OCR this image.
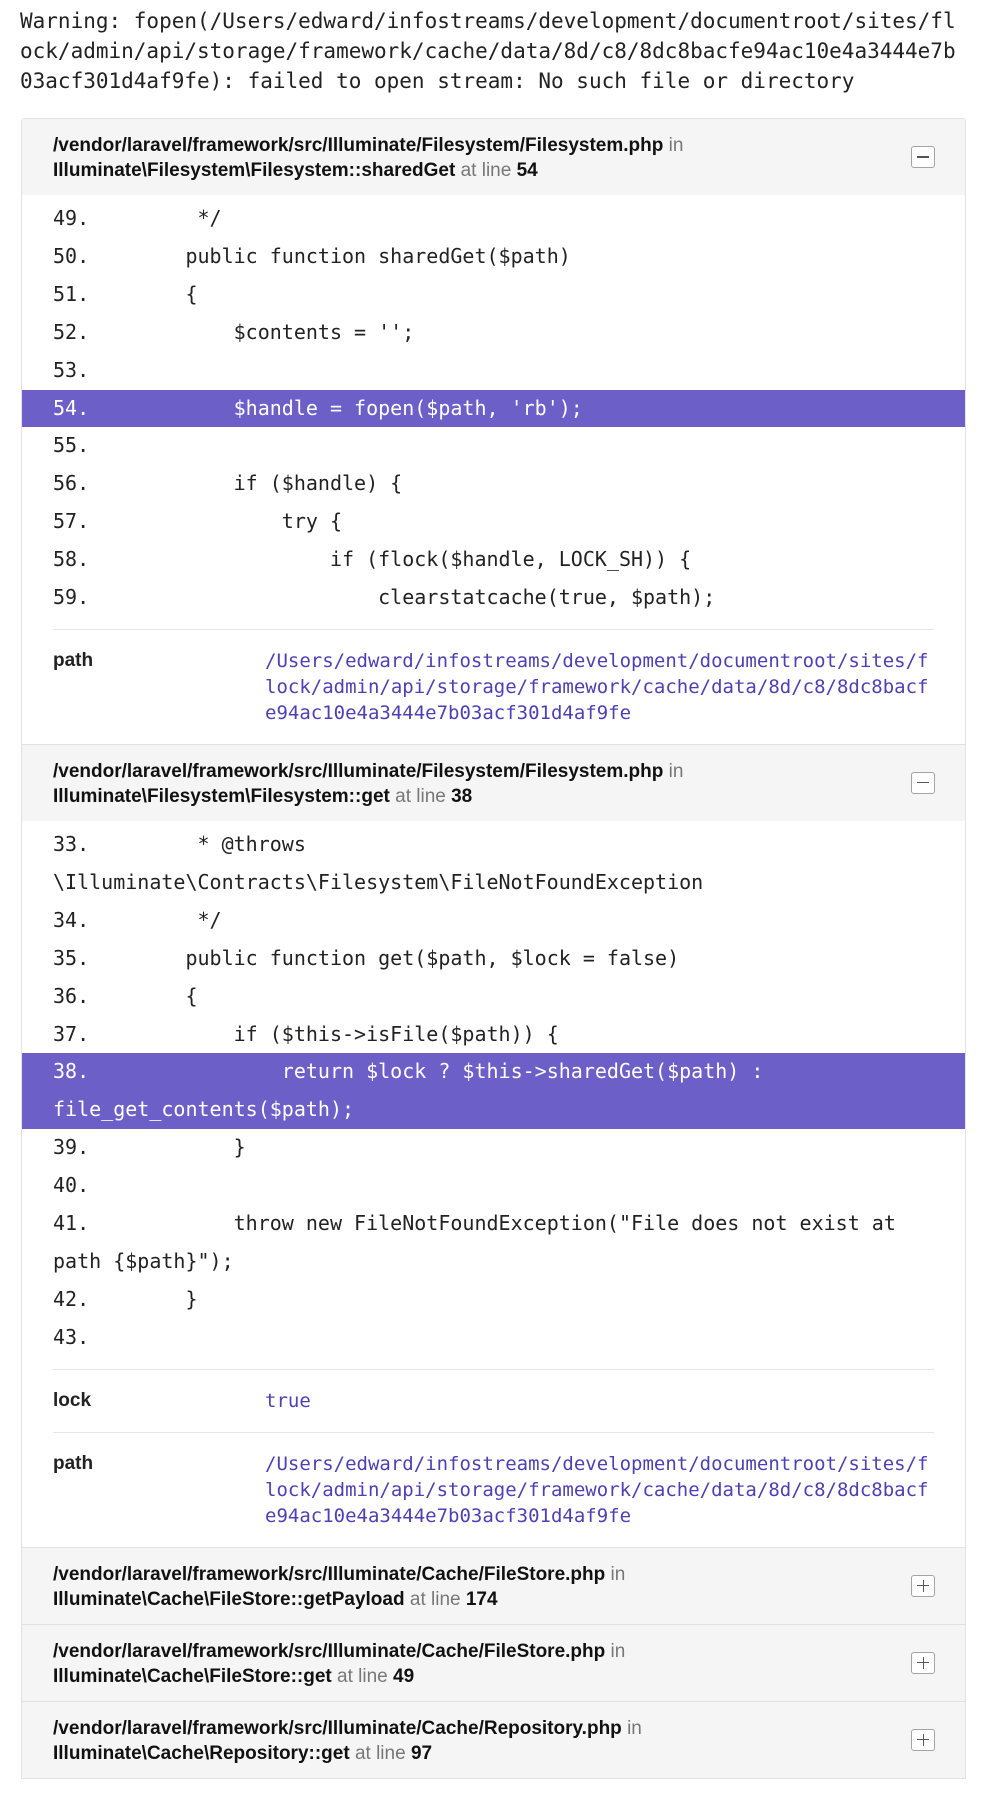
Warning: fopen(/Users/edward/infostreams/development/documentroot/sites/flock/admin/api/storage/framework/cache/data/8d/c8/8dc8bacfe94ac10e4a3444e7b03acf301d4af9fe): failed to open stream: No such file or directory
/vendor/laravel/framework/src/Illuminate/Filesystem/Filesystem.php in Illuminate\Filesystem\Filesystem::sharedGet at line 54
49.         */
50.        public function sharedGet($path)
51.        {
52.            $contents = '';
53.
54.            $handle = fopen($path, 'rb');
55.
56.            if ($handle) {
57.                try {
58.                    if (flock($handle, LOCK_SH)) {
59.                        clearstatcache(true, $path);
path	/Users/edward/infostreams/development/documentroot/sites/flock/admin/api/storage/framework/cache/data/8d/c8/8dc8bacfe94ac10e4a3444e7b03acf301d4af9fe
/vendor/laravel/framework/src/Illuminate/Filesystem/Filesystem.php in Illuminate\Filesystem\Filesystem::get at line 38
33.         * @throws \Illuminate\Contracts\Filesystem\FileNotFoundException
34.         */
35.        public function get($path, $lock = false)
36.        {
37.            if ($this->isFile($path)) {
38.                return $lock ? $this->sharedGet($path) : file_get_contents($path);
39.            }
40.
41.            throw new FileNotFoundException("File does not exist at path {$path}");
42.        }
43.
lock	true
path	/Users/edward/infostreams/development/documentroot/sites/flock/admin/api/storage/framework/cache/data/8d/c8/8dc8bacfe94ac10e4a3444e7b03acf301d4af9fe
/vendor/laravel/framework/src/Illuminate/Cache/FileStore.php in Illuminate\Cache\FileStore::getPayload at line 174
/vendor/laravel/framework/src/Illuminate/Cache/FileStore.php in Illuminate\Cache\FileStore::get at line 49
/vendor/laravel/framework/src/Illuminate/Cache/Repository.php in Illuminate\Cache\Repository::get at line 97
